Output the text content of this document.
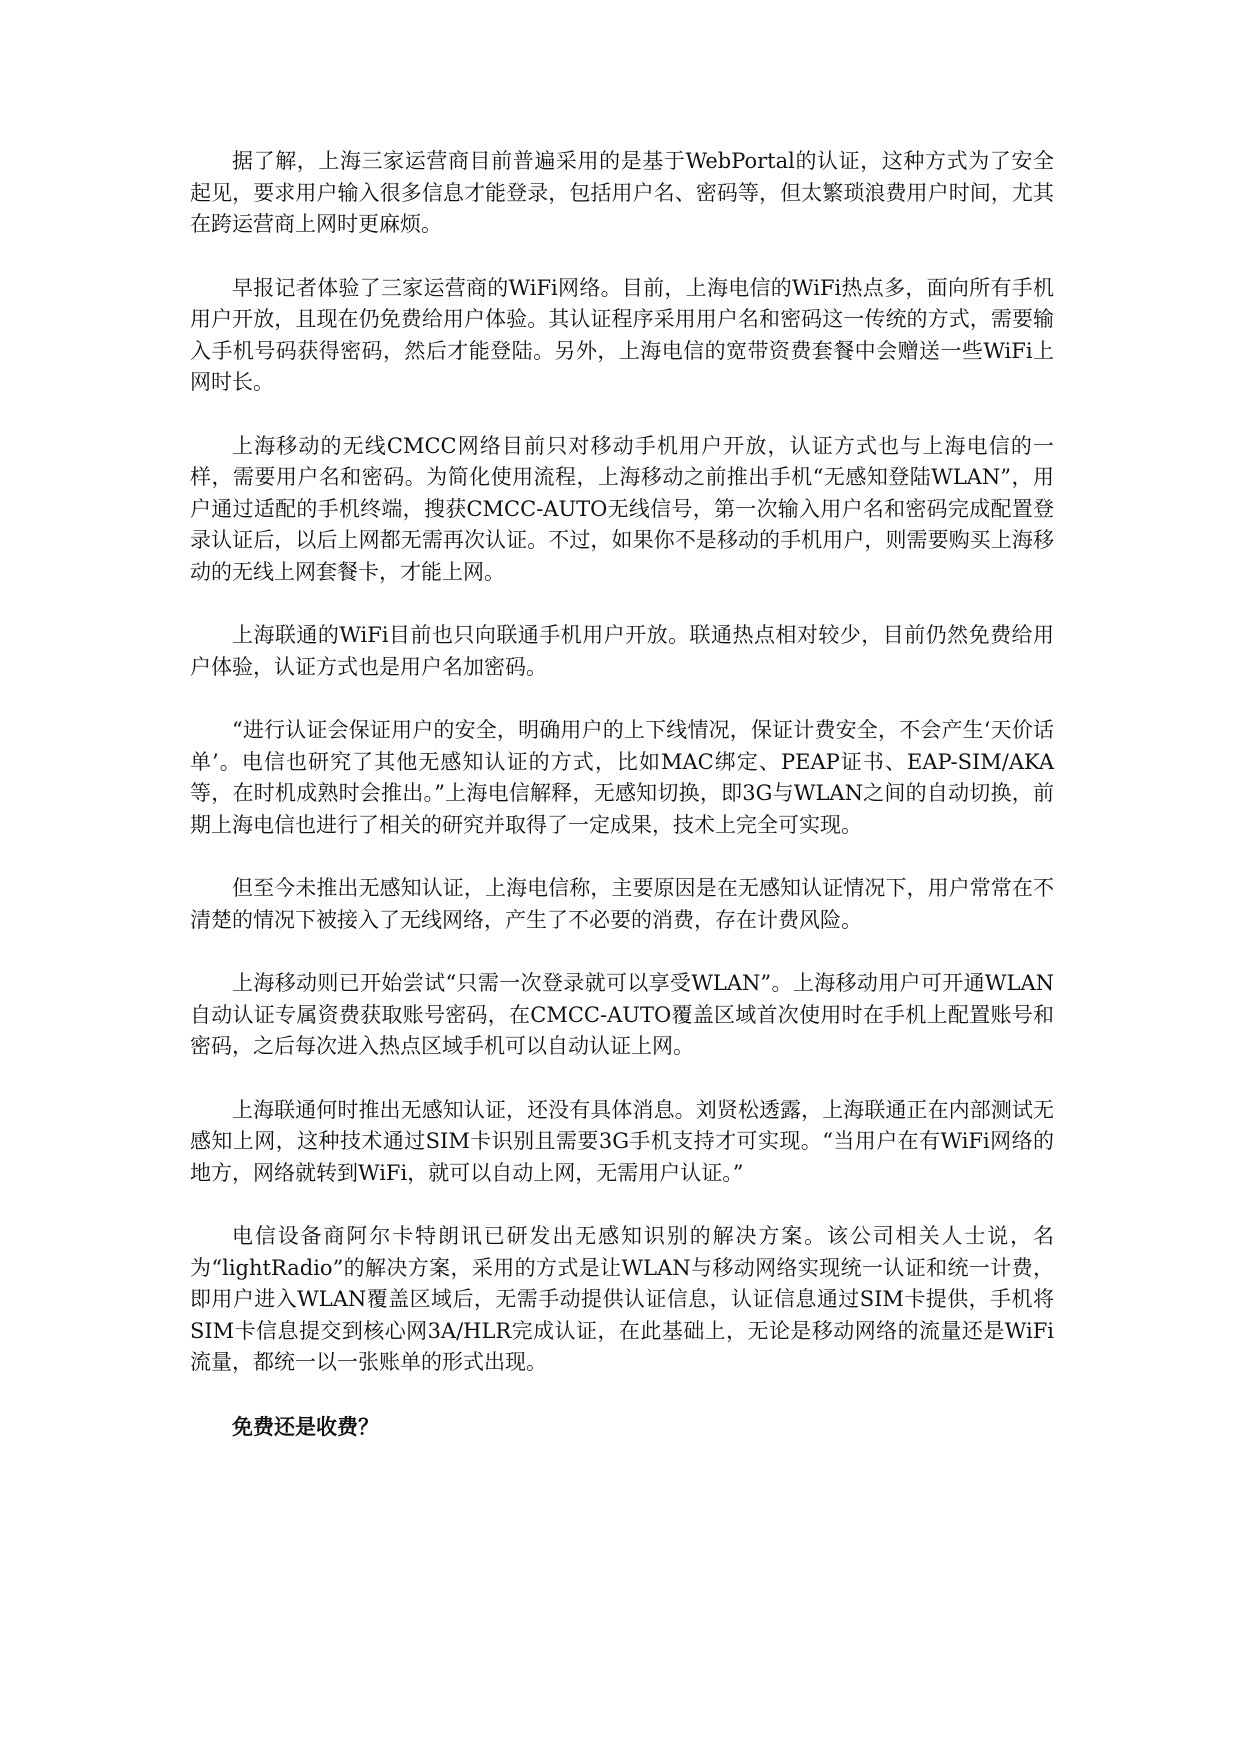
据了解，上海三家运营商目前普遍采用的是基于WebPortal的认证，这种方式为了安全起见，要求用户输入很多信息才能登录，包括用户名、密码等，但太繁琐浪费用户时间，尤其在跨运营商上网时更麻烦。

早报记者体验了三家运营商的WiFi网络。目前，上海电信的WiFi热点多，面向所有手机用户开放，且现在仍免费给用户体验。其认证程序采用用户名和密码这一传统的方式，需要输入手机号码获得密码，然后才能登陆。另外，上海电信的宽带资费套餐中会赠送一些WiFi上网时长。

上海移动的无线CMCC网络目前只对移动手机用户开放，认证方式也与上海电信的一样，需要用户名和密码。为简化使用流程，上海移动之前推出手机“无感知登陆WLAN”，用户通过适配的手机终端，搜获CMCC-AUTO无线信号，第一次输入用户名和密码完成配置登录认证后，以后上网都无需再次认证。不过，如果你不是移动的手机用户，则需要购买上海移动的无线上网套餐卡，才能上网。

上海联通的WiFi目前也只向联通手机用户开放。联通热点相对较少，目前仍然免费给用户体验，认证方式也是用户名加密码。

“进行认证会保证用户的安全，明确用户的上下线情况，保证计费安全，不会产生‘天价话单’。电信也研究了其他无感知认证的方式，比如MAC绑定、PEAP证书、EAP-SIM/AKA等，在时机成熟时会推出。”上海电信解释，无感知切换，即3G与WLAN之间的自动切换，前期上海电信也进行了相关的研究并取得了一定成果，技术上完全可实现。

但至今未推出无感知认证，上海电信称，主要原因是在无感知认证情况下，用户常常在不清楚的情况下被接入了无线网络，产生了不必要的消费，存在计费风险。

上海移动则已开始尝试“只需一次登录就可以享受WLAN”。上海移动用户可开通WLAN自动认证专属资费获取账号密码，在CMCC-AUTO覆盖区域首次使用时在手机上配置账号和密码，之后每次进入热点区域手机可以自动认证上网。

上海联通何时推出无感知认证，还没有具体消息。刘贤松透露，上海联通正在内部测试无感知上网，这种技术通过SIM卡识别且需要3G手机支持才可实现。“当用户在有WiFi网络的地方，网络就转到WiFi，就可以自动上网，无需用户认证。”

电信设备商阿尔卡特朗讯已研发出无感知识别的解决方案。该公司相关人士说，名为“lightRadio”的解决方案，采用的方式是让WLAN与移动网络实现统一认证和统一计费，即用户进入WLAN覆盖区域后，无需手动提供认证信息，认证信息通过SIM卡提供，手机将SIM卡信息提交到核心网3A/HLR完成认证，在此基础上，无论是移动网络的流量还是WiFi流量，都统一以一张账单的形式出现。

免费还是收费？
